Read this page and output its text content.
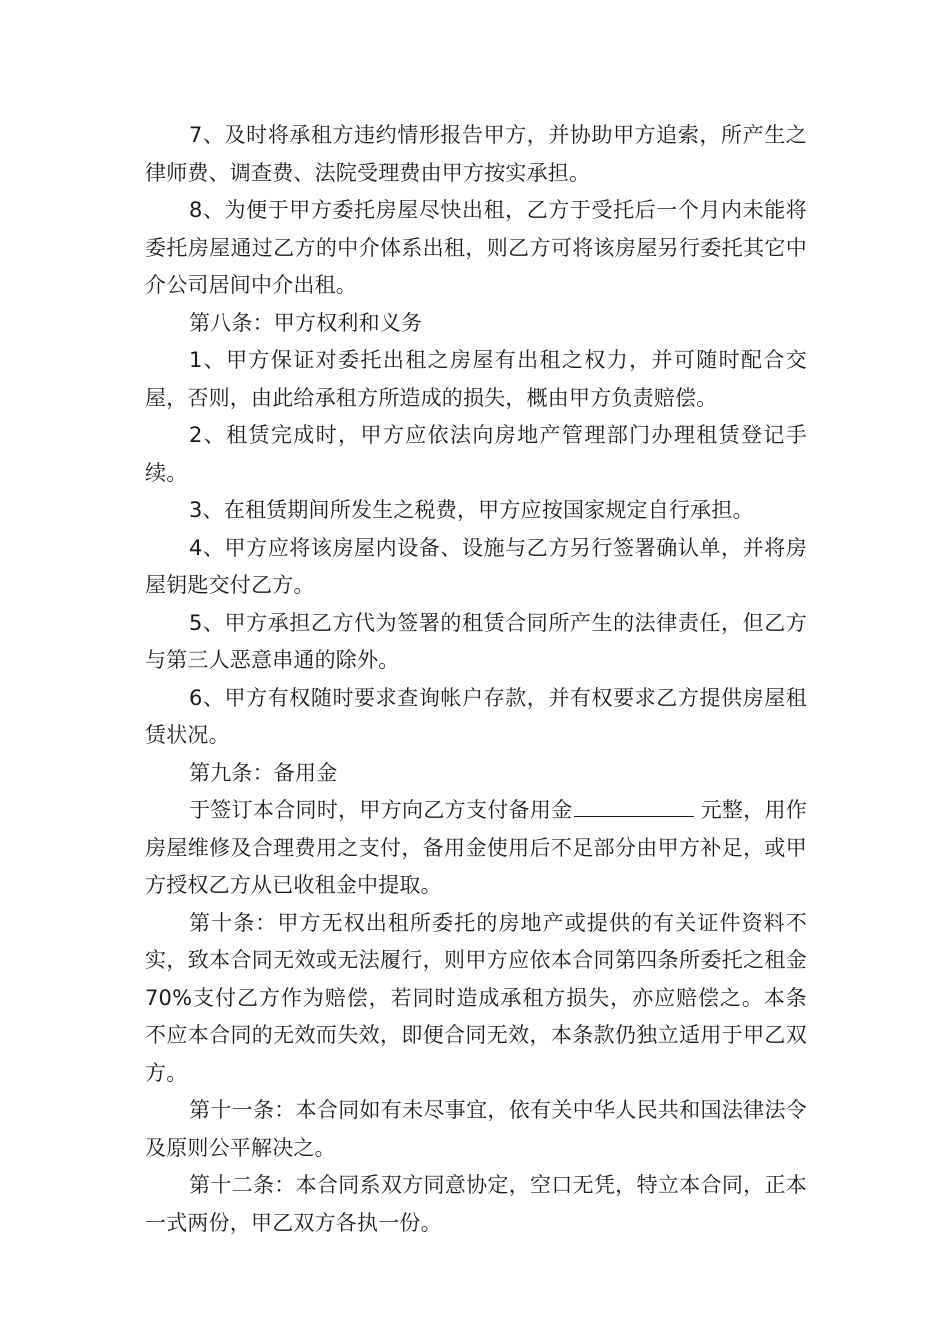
7、及时将承租方违约情形报告甲方，并协助甲方追索，所产生之律师费、调查费、法院受理费由甲方按实承担。

8、为便于甲方委托房屋尽快出租，乙方于受托后一个月内未能将委托房屋通过乙方的中介体系出租，则乙方可将该房屋另行委托其它中介公司居间中介出租。

第八条：甲方权利和义务

1、甲方保证对委托出租之房屋有出租之权力，并可随时配合交屋，否则，由此给承租方所造成的损失，概由甲方负责赔偿。

2、租赁完成时，甲方应依法向房地产管理部门办理租赁登记手续。

3、在租赁期间所发生之税费，甲方应按国家规定自行承担。

4、甲方应将该房屋内设备、设施与乙方另行签署确认单，并将房屋钥匙交付乙方。

5、甲方承担乙方代为签署的租赁合同所产生的法律责任，但乙方与第三人恶意串通的除外。

6、甲方有权随时要求查询帐户存款，并有权要求乙方提供房屋租赁状况。

第九条：备用金

于签订本合同时，甲方向乙方支付备用金	元整，用作房屋维修及合理费用之支付，备用金使用后不足部分由甲方补足，或甲方授权乙方从已收租金中提取。

第十条：甲方无权出租所委托的房地产或提供的有关证件资料不实，致本合同无效或无法履行，则甲方应依本合同第四条所委托之租金 70%支付乙方作为赔偿，若同时造成承租方损失，亦应赔偿之。本条不应本合同的无效而失效，即便合同无效，本条款仍独立适用于甲乙双方。

第十一条：本合同如有未尽事宜，依有关中华人民共和国法律法令及原则公平解决之。

第十二条：本合同系双方同意协定，空口无凭，特立本合同，正本一式两份，甲乙双方各执一份。
